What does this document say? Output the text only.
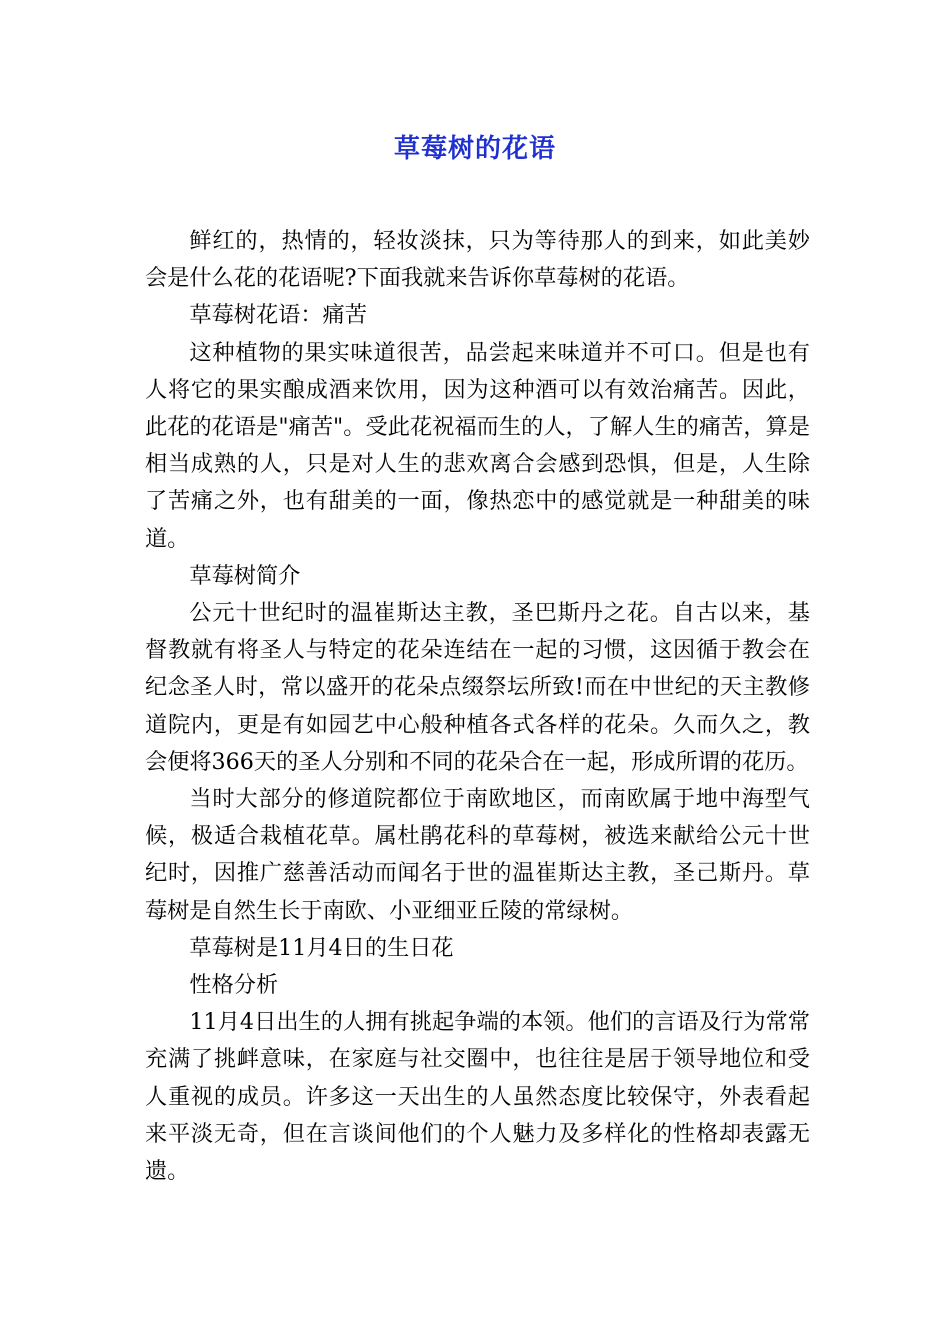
草莓树的花语

鲜红的，热情的，轻妆淡抹，只为等待那人的到来，如此美妙会是什么花的花语呢?下面我就来告诉你草莓树的花语。

草莓树花语：痛苦

这种植物的果实味道很苦，品尝起来味道并不可口。但是也有人将它的果实酿成酒来饮用，因为这种酒可以有效治痛苦。因此，此花的花语是"痛苦"。受此花祝福而生的人，了解人生的痛苦，算是相当成熟的人，只是对人生的悲欢离合会感到恐惧，但是，人生除了苦痛之外，也有甜美的一面，像热恋中的感觉就是一种甜美的味道。

草莓树简介

公元十世纪时的温崔斯达主教，圣巴斯丹之花。自古以来，基督教就有将圣人与特定的花朵连结在一起的习惯，这因循于教会在纪念圣人时，常以盛开的花朵点缀祭坛所致!而在中世纪的天主教修道院内，更是有如园艺中心般种植各式各样的花朵。久而久之，教会便将366天的圣人分别和不同的花朵合在一起，形成所谓的花历。

当时大部分的修道院都位于南欧地区，而南欧属于地中海型气候，极适合栽植花草。属杜鹃花科的草莓树，被选来献给公元十世纪时，因推广慈善活动而闻名于世的温崔斯达主教，圣己斯丹。草莓树是自然生长于南欧、小亚细亚丘陵的常绿树。

草莓树是11月4日的生日花

性格分析

11月4日出生的人拥有挑起争端的本领。他们的言语及行为常常充满了挑衅意味，在家庭与社交圈中，也往往是居于领导地位和受人重视的成员。许多这一天出生的人虽然态度比较保守，外表看起来平淡无奇，但在言谈间他们的个人魅力及多样化的性格却表露无遗。
